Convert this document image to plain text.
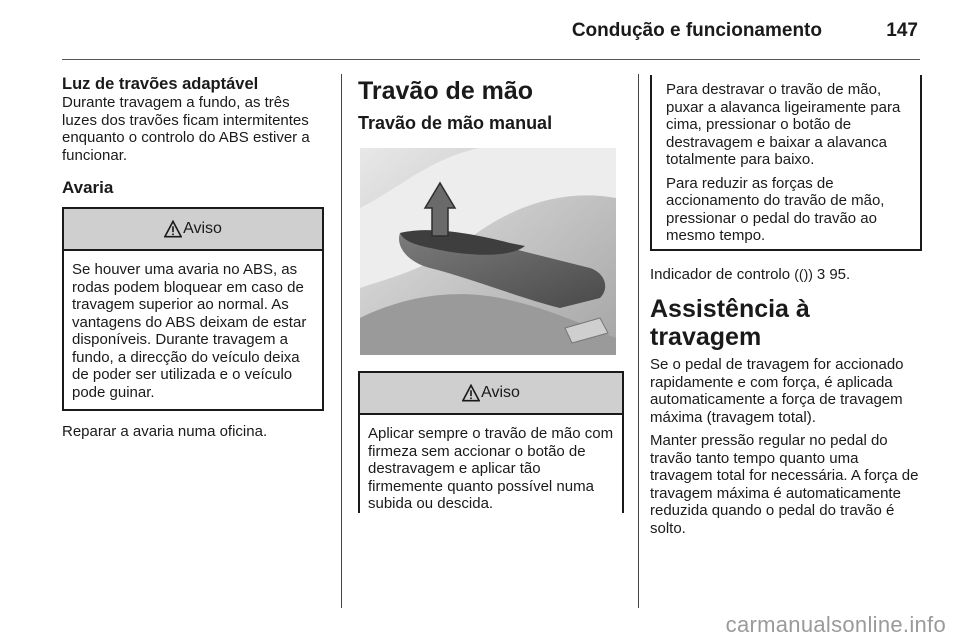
Condução e funcionamento	147
Luz de travões adaptável

Durante travagem a fundo, as três luzes dos travões ficam intermitentes enquanto o controlo do ABS estiver a funcionar.

Avaria
Aviso

Se houver uma avaria no ABS, as rodas podem bloquear em caso de travagem superior ao normal. As vantagens do ABS deixam de estar disponíveis. Durante travagem a fundo, a direcção do veículo deixa de poder ser utilizada e o veículo pode guinar.

Reparar a avaria numa oficina.

Travão de mão
Travão de mão manual
Aviso

Aplicar sempre o travão de mão com firmeza sem accionar o botão de destravagem e aplicar tão firmemente quanto possível numa subida ou descida.

Para destravar o travão de mão, puxar a alavanca ligeiramente para cima, pressionar o botão de destravagem e baixar a alavanca totalmente para baixo.

Para reduzir as forças de accionamento do travão de mão, pressionar o pedal do travão ao mesmo tempo.

Indicador de controlo (()) 3 95.

Assistência à travagem

Se o pedal de travagem for accionado rapidamente e com força, é aplicada automaticamente a força de travagem máxima (travagem total).

Manter pressão regular no pedal do travão tanto tempo quanto uma travagem total for necessária. A força de travagem máxima é automaticamente reduzida quando o pedal do travão é solto.

carmanualsonline.info
